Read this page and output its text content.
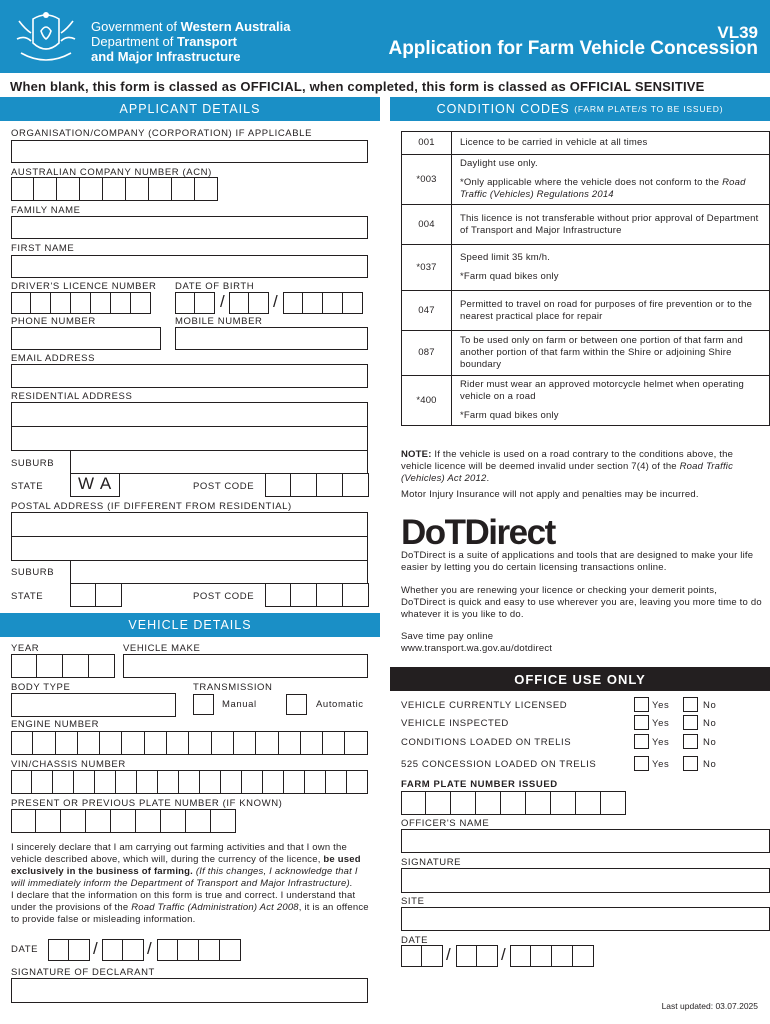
Government of Western Australia
Department of Transport
and Major Infrastructure
VL39
Application for Farm Vehicle Concession
When blank, this form is classed as OFFICIAL, when completed, this form is classed as OFFICIAL SENSITIVE
APPLICANT DETAILS
ORGANISATION/COMPANY (CORPORATION) IF APPLICABLE
AUSTRALIAN COMPANY NUMBER (ACN)
FAMILY NAME
FIRST NAME
DRIVER'S LICENCE NUMBER DATE OF BIRTH
/	/
PHONE NUMBER	MOBILE NUMBER
EMAIL ADDRESS
RESIDENTIAL ADDRESS
SUBURB
STATE W A	POST CODE
POSTAL ADDRESS (IF DIFFERENT FROM RESIDENTIAL)
SUBURB
STATE	POST CODE
VEHICLE DETAILS
YEAR	VEHICLE MAKE
BODY TYPE	TRANSMISSION
Manual	Automatic
ENGINE NUMBER
VIN/CHASSIS NUMBER
PRESENT OR PREVIOUS PLATE NUMBER (IF KNOWN)

I sincerely declare that I am carrying out farming activities and that I own the vehicle described above, which will, during the currency of the licence, be used exclusively in the business of farming. (If this changes, I acknowledge that I will immediately inform the Department of Transport and Major Infrastructure).

I declare that the information on this form is true and correct. I understand that under the provisions of the Road Traffic (Administration) Act 2008, it is an offence to provide false or misleading information.

DATE	/	/
SIGNATURE OF DECLARANT
CONDITION CODES
(FARM PLATE/S TO BE ISSUED)
001	Licence to be carried in vehicle at all times

*003	Daylight use only.

*Only applicable where the vehicle does not conform to the Road Traffic (Vehicles) Regulations 2014

004	This licence is not transferable without prior approval of Department of Transport and Major Infrastructure

*037	Speed limit 35 km/h.

*Farm quad bikes only

047	Permitted to travel on road for purposes of fire prevention or to the nearest practical place for repair

087	To be used only on farm or between one portion of that farm and another portion of that farm within the Shire or adjoining Shire boundary

*400	Rider must wear an approved motorcycle helmet when operating vehicle on a road

*Farm quad bikes only

NOTE: If the vehicle is used on a road contrary to the conditions above, the vehicle licence will be deemed invalid under section 7(4) of the Road Traffic (Vehicles) Act 2012.
Motor Injury Insurance will not apply and penalties may be incurred.
DoTDirect
DoTDirect is a suite of applications and tools that are designed to make your life easier by letting you do certain licensing transactions online.
Whether you are renewing your licence or checking your demerit points, DoTDirect is quick and easy to use wherever you are, leaving you more time to do whatever it is you like to do.
Save time pay online
www.transport.wa.gov.au/dotdirect
OFFICE USE ONLY
VEHICLE CURRENTLY LICENSED	Yes	No
VEHICLE INSPECTED	Yes	No
CONDITIONS LOADED ON TRELIS	Yes	No
525 CONCESSION LOADED ON TRELIS	Yes	No
FARM PLATE NUMBER ISSUED
OFFICER'S NAME
SIGNATURE
SITE
DATE
/	/
Last updated: 03.07.2025
